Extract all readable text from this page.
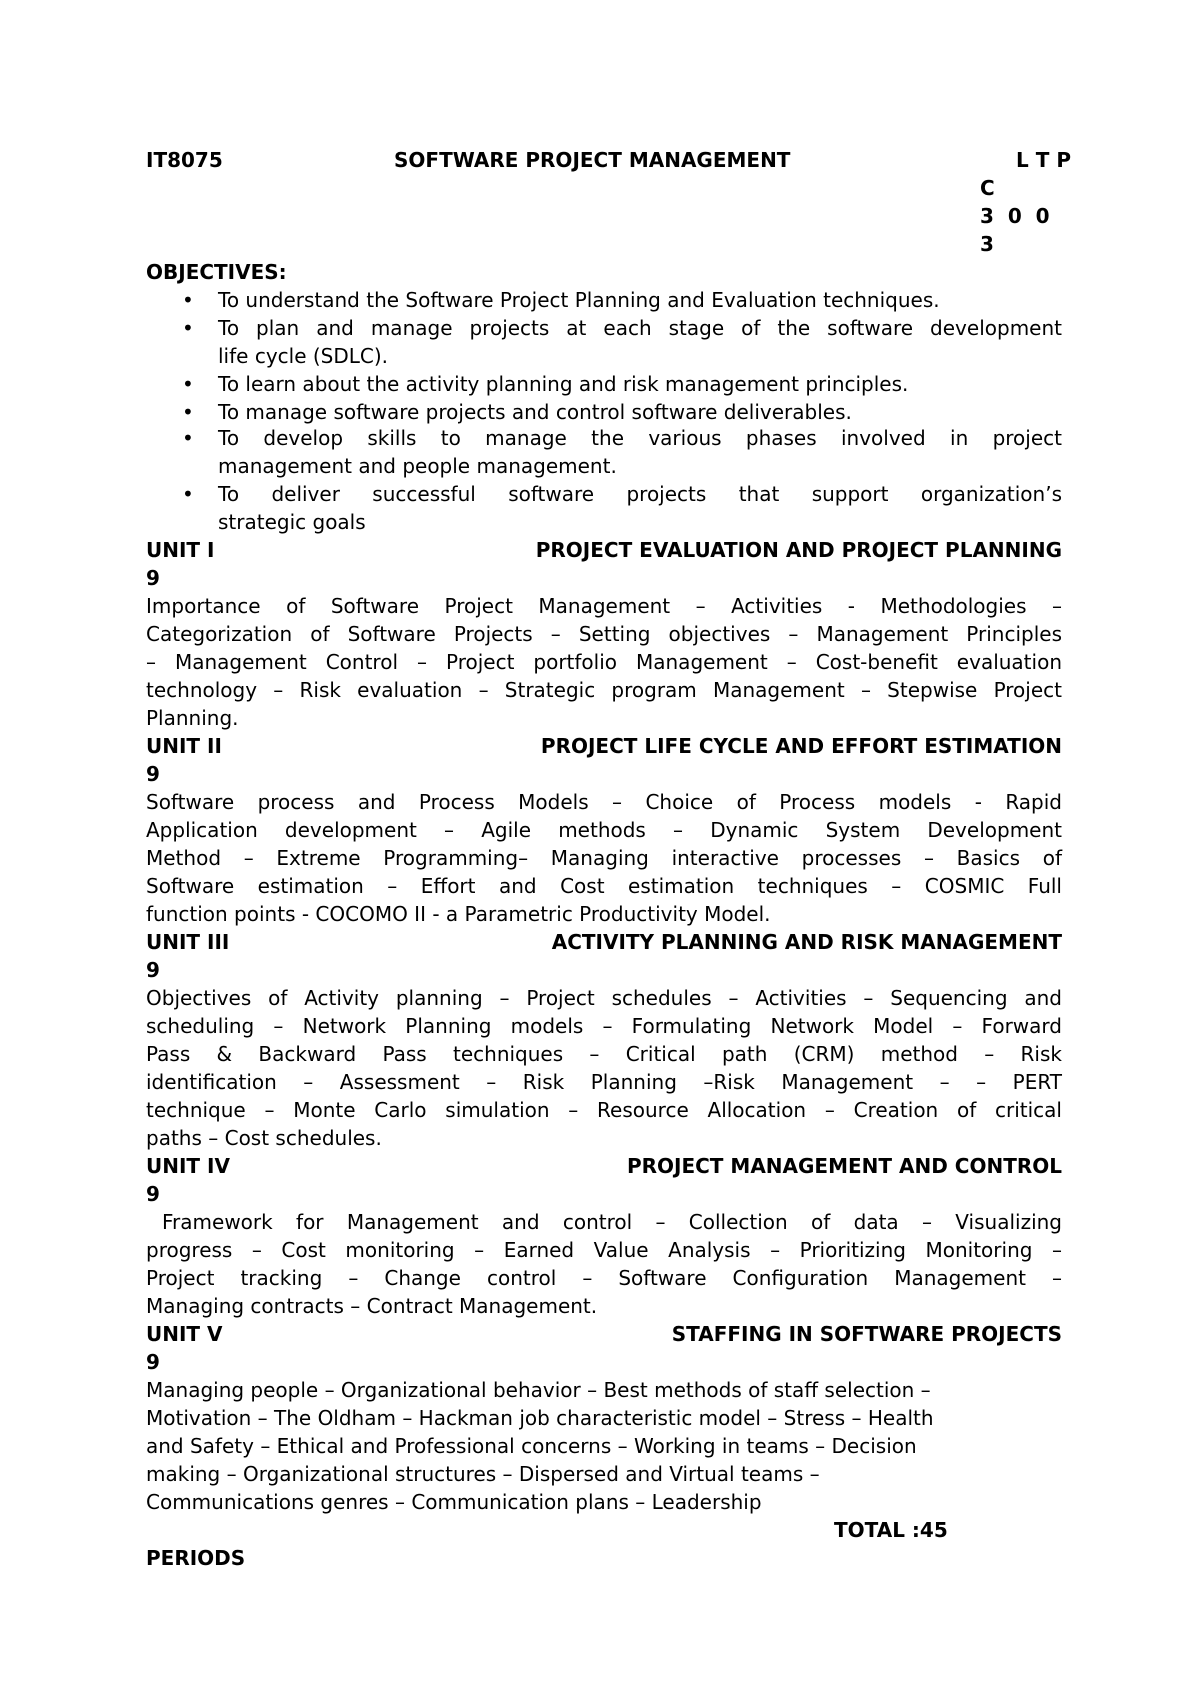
IT8075	SOFTWARE PROJECT MANAGEMENT	L T P
C
3  0  0
3
OBJECTIVES:
• To understand the Software Project Planning and Evaluation techniques.
• To plan and manage projects at each stage of the software development
life cycle (SDLC).
• To learn about the activity planning and risk management principles.
• To manage software projects and control software deliverables.
• To develop skills to manage the various phases involved in project
management and people management.
• To deliver successful software projects that support organization’s
strategic goals
UNIT I	PROJECT EVALUATION AND PROJECT PLANNING
9
Importance of Software Project Management – Activities - Methodologies –
Categorization of Software Projects – Setting objectives – Management Principles
– Management Control – Project portfolio Management – Cost-benefit evaluation
technology – Risk evaluation – Strategic program Management – Stepwise Project
Planning.
UNIT II	PROJECT LIFE CYCLE AND EFFORT ESTIMATION
9
Software process and Process Models – Choice of Process models - Rapid
Application development – Agile methods – Dynamic System Development
Method – Extreme Programming– Managing interactive processes – Basics of
Software estimation – Effort and Cost estimation techniques – COSMIC Full
function points - COCOMO II - a Parametric Productivity Model.
UNIT III	ACTIVITY PLANNING AND RISK MANAGEMENT
9
Objectives of Activity planning – Project schedules – Activities – Sequencing and
scheduling – Network Planning models – Formulating Network Model – Forward
Pass & Backward Pass techniques – Critical path (CRM) method – Risk
identification – Assessment – Risk Planning –Risk Management – – PERT
technique – Monte Carlo simulation – Resource Allocation – Creation of critical
paths – Cost schedules.
UNIT IV	PROJECT MANAGEMENT AND CONTROL
9
Framework for Management and control – Collection of data – Visualizing
progress – Cost monitoring – Earned Value Analysis – Prioritizing Monitoring –
Project tracking – Change control – Software Configuration Management –
Managing contracts – Contract Management.
UNIT V	STAFFING IN SOFTWARE PROJECTS
9
Managing people – Organizational behavior – Best methods of staff selection –
Motivation – The Oldham – Hackman job characteristic model – Stress – Health
and Safety – Ethical and Professional concerns – Working in teams – Decision
making – Organizational structures – Dispersed and Virtual teams –
Communications genres – Communication plans – Leadership
TOTAL :45
PERIODS
